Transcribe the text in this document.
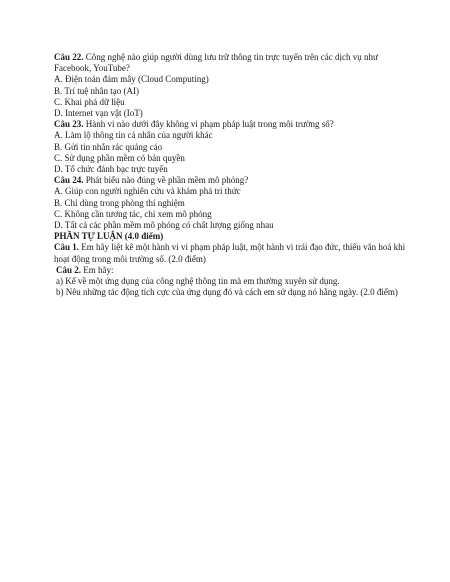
Câu 22. Công nghệ nào giúp người dùng lưu trữ thông tin trực tuyến trên các dịch vụ như Facebook, YouTube?
A. Điện toán đám mây (Cloud Computing)
B. Trí tuệ nhân tạo (AI)
C. Khai phá dữ liệu
D. Internet vạn vật (IoT)
Câu 23. Hành vi nào dưới đây không vi phạm pháp luật trong môi trường số?
A. Làm lộ thông tin cá nhân của người khác
B. Gửi tin nhắn rác quảng cáo
C. Sử dụng phần mềm có bản quyền
D. Tổ chức đánh bạc trực tuyến
Câu 24. Phát biểu nào đúng về phần mềm mô phỏng?
A. Giúp con người nghiên cứu và khám phá tri thức
B. Chỉ dùng trong phòng thí nghiệm
C. Không cần tương tác, chỉ xem mô phỏng
D. Tất cả các phần mềm mô phỏng có chất lượng giống nhau
PHẦN TỰ LUẬN (4.0 điểm)
Câu 1. Em hãy liệt kê một hành vi vi phạm pháp luật, một hành vi trái đạo đức, thiếu văn hoá khi hoạt động trong môi trường số. (2.0 điểm)
Câu 2. Em hãy:
a) Kể về một ứng dụng của công nghệ thông tin mà em thường xuyên sử dụng.
b) Nêu những tác động tích cực của ứng dụng đó và cách em sử dụng nó hằng ngày. (2.0 điểm)
